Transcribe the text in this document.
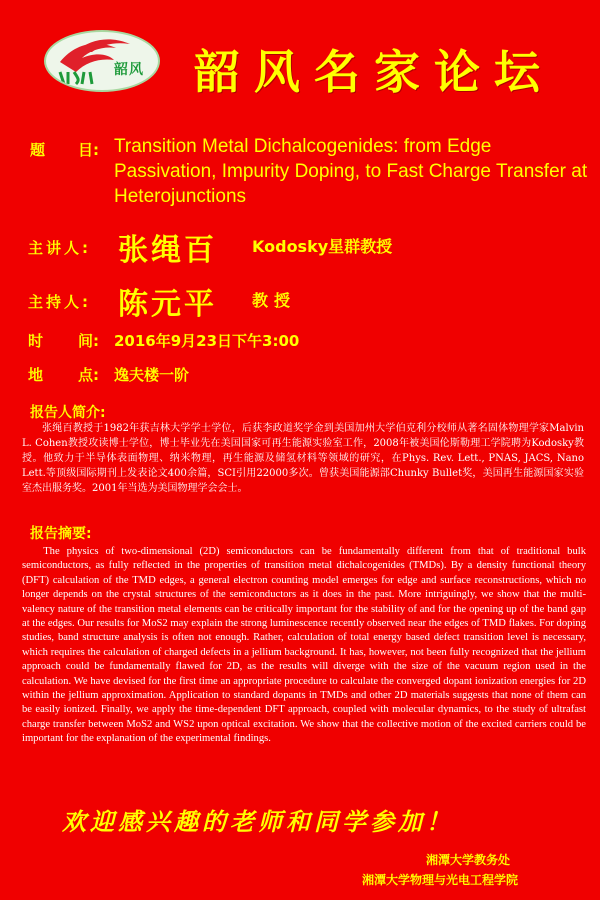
韶风 韶风名家论坛
题 目: Transition Metal Dichalcogenides: from Edge Passivation, Impurity Doping, to Fast Charge Transfer at Heterojunctions
主讲人: 张绳百 Kodosky星群教授
主持人: 陈元平 教授
时 间: 2016年9月23日下午3:00
地 点: 逸夫楼一阶
报告人简介:
张绳百教授于1982年获吉林大学学士学位，后获李政道奖学金到美国加州大学伯克利分校师从著名固体物理学家Malvin L. Cohen教授攻读博士学位，博士毕业先在美国国家可再生能源实验室工作，2008年被美国伦斯勒理工学院聘为Kodosky教授。他致力于半导体表面物理、纳米物理，再生能源及储氢材料等领域的研究，在Phys. Rev. Lett., PNAS, JACS, Nano Lett.等顶级国际期刊上发表论文400余篇，SCI引用22000多次。曾获美国能源部Chunky Bullet奖，美国再生能源国家实验室杰出服务奖。2001年当选为美国物理学会会士。
报告摘要:
The physics of two-dimensional (2D) semiconductors can be fundamentally different from that of traditional bulk semiconductors, as fully reflected in the properties of transition metal dichalcogenides (TMDs). By a density functional theory (DFT) calculation of the TMD edges, a general electron counting model emerges for edge and surface reconstructions, which no longer depends on the crystal structures of the semiconductors as it does in the past. More intriguingly, we show that the multi-valency nature of the transition metal elements can be critically important for the stability of and for the opening up of the band gap at the edges. Our results for MoS2 may explain the strong luminescence recently observed near the edges of TMD flakes. For doping studies, band structure analysis is often not enough. Rather, calculation of total energy based defect transition level is necessary, which requires the calculation of charged defects in a jellium background. It has, however, not been fully recognized that the jellium approach could be fundamentally flawed for 2D, as the results will diverge with the size of the vacuum region used in the calculation. We have devised for the first time an appropriate procedure to calculate the converged dopant ionization energies for 2D within the jellium approximation. Application to standard dopants in TMDs and other 2D materials suggests that none of them can be easily ionized. Finally, we apply the time-dependent DFT approach, coupled with molecular dynamics, to the study of ultrafast charge transfer between MoS2 and WS2 upon optical excitation. We show that the collective motion of the excited carriers could be important for the explanation of the experimental findings.
欢迎感兴趣的老师和同学参加！
湘潭大学教务处
湘潭大学物理与光电工程学院
